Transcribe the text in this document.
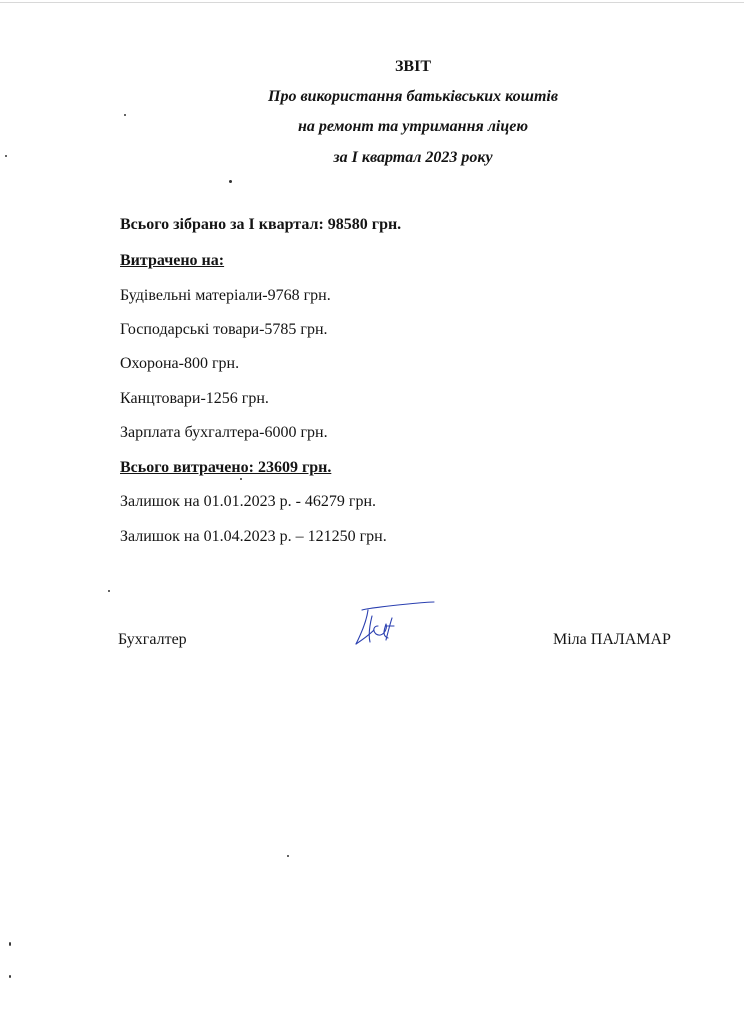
ЗВІТ
Про використання батьківських коштів
на ремонт та утримання ліцею
за І квартал 2023 року
Всього зібрано за І квартал: 98580 грн.
Витрачено на:
Будівельні матеріали-9768 грн.
Господарські товари-5785 грн.
Охорона-800 грн.
Канцтовари-1256 грн.
Зарплата бухгалтера-6000 грн.
Всього витрачено: 23609 грн.
Залишок на 01.01.2023 р. - 46279 грн.
Залишок на 01.04.2023 р. – 121250 грн.
Бухгалтер	Міла ПАЛАМАР
